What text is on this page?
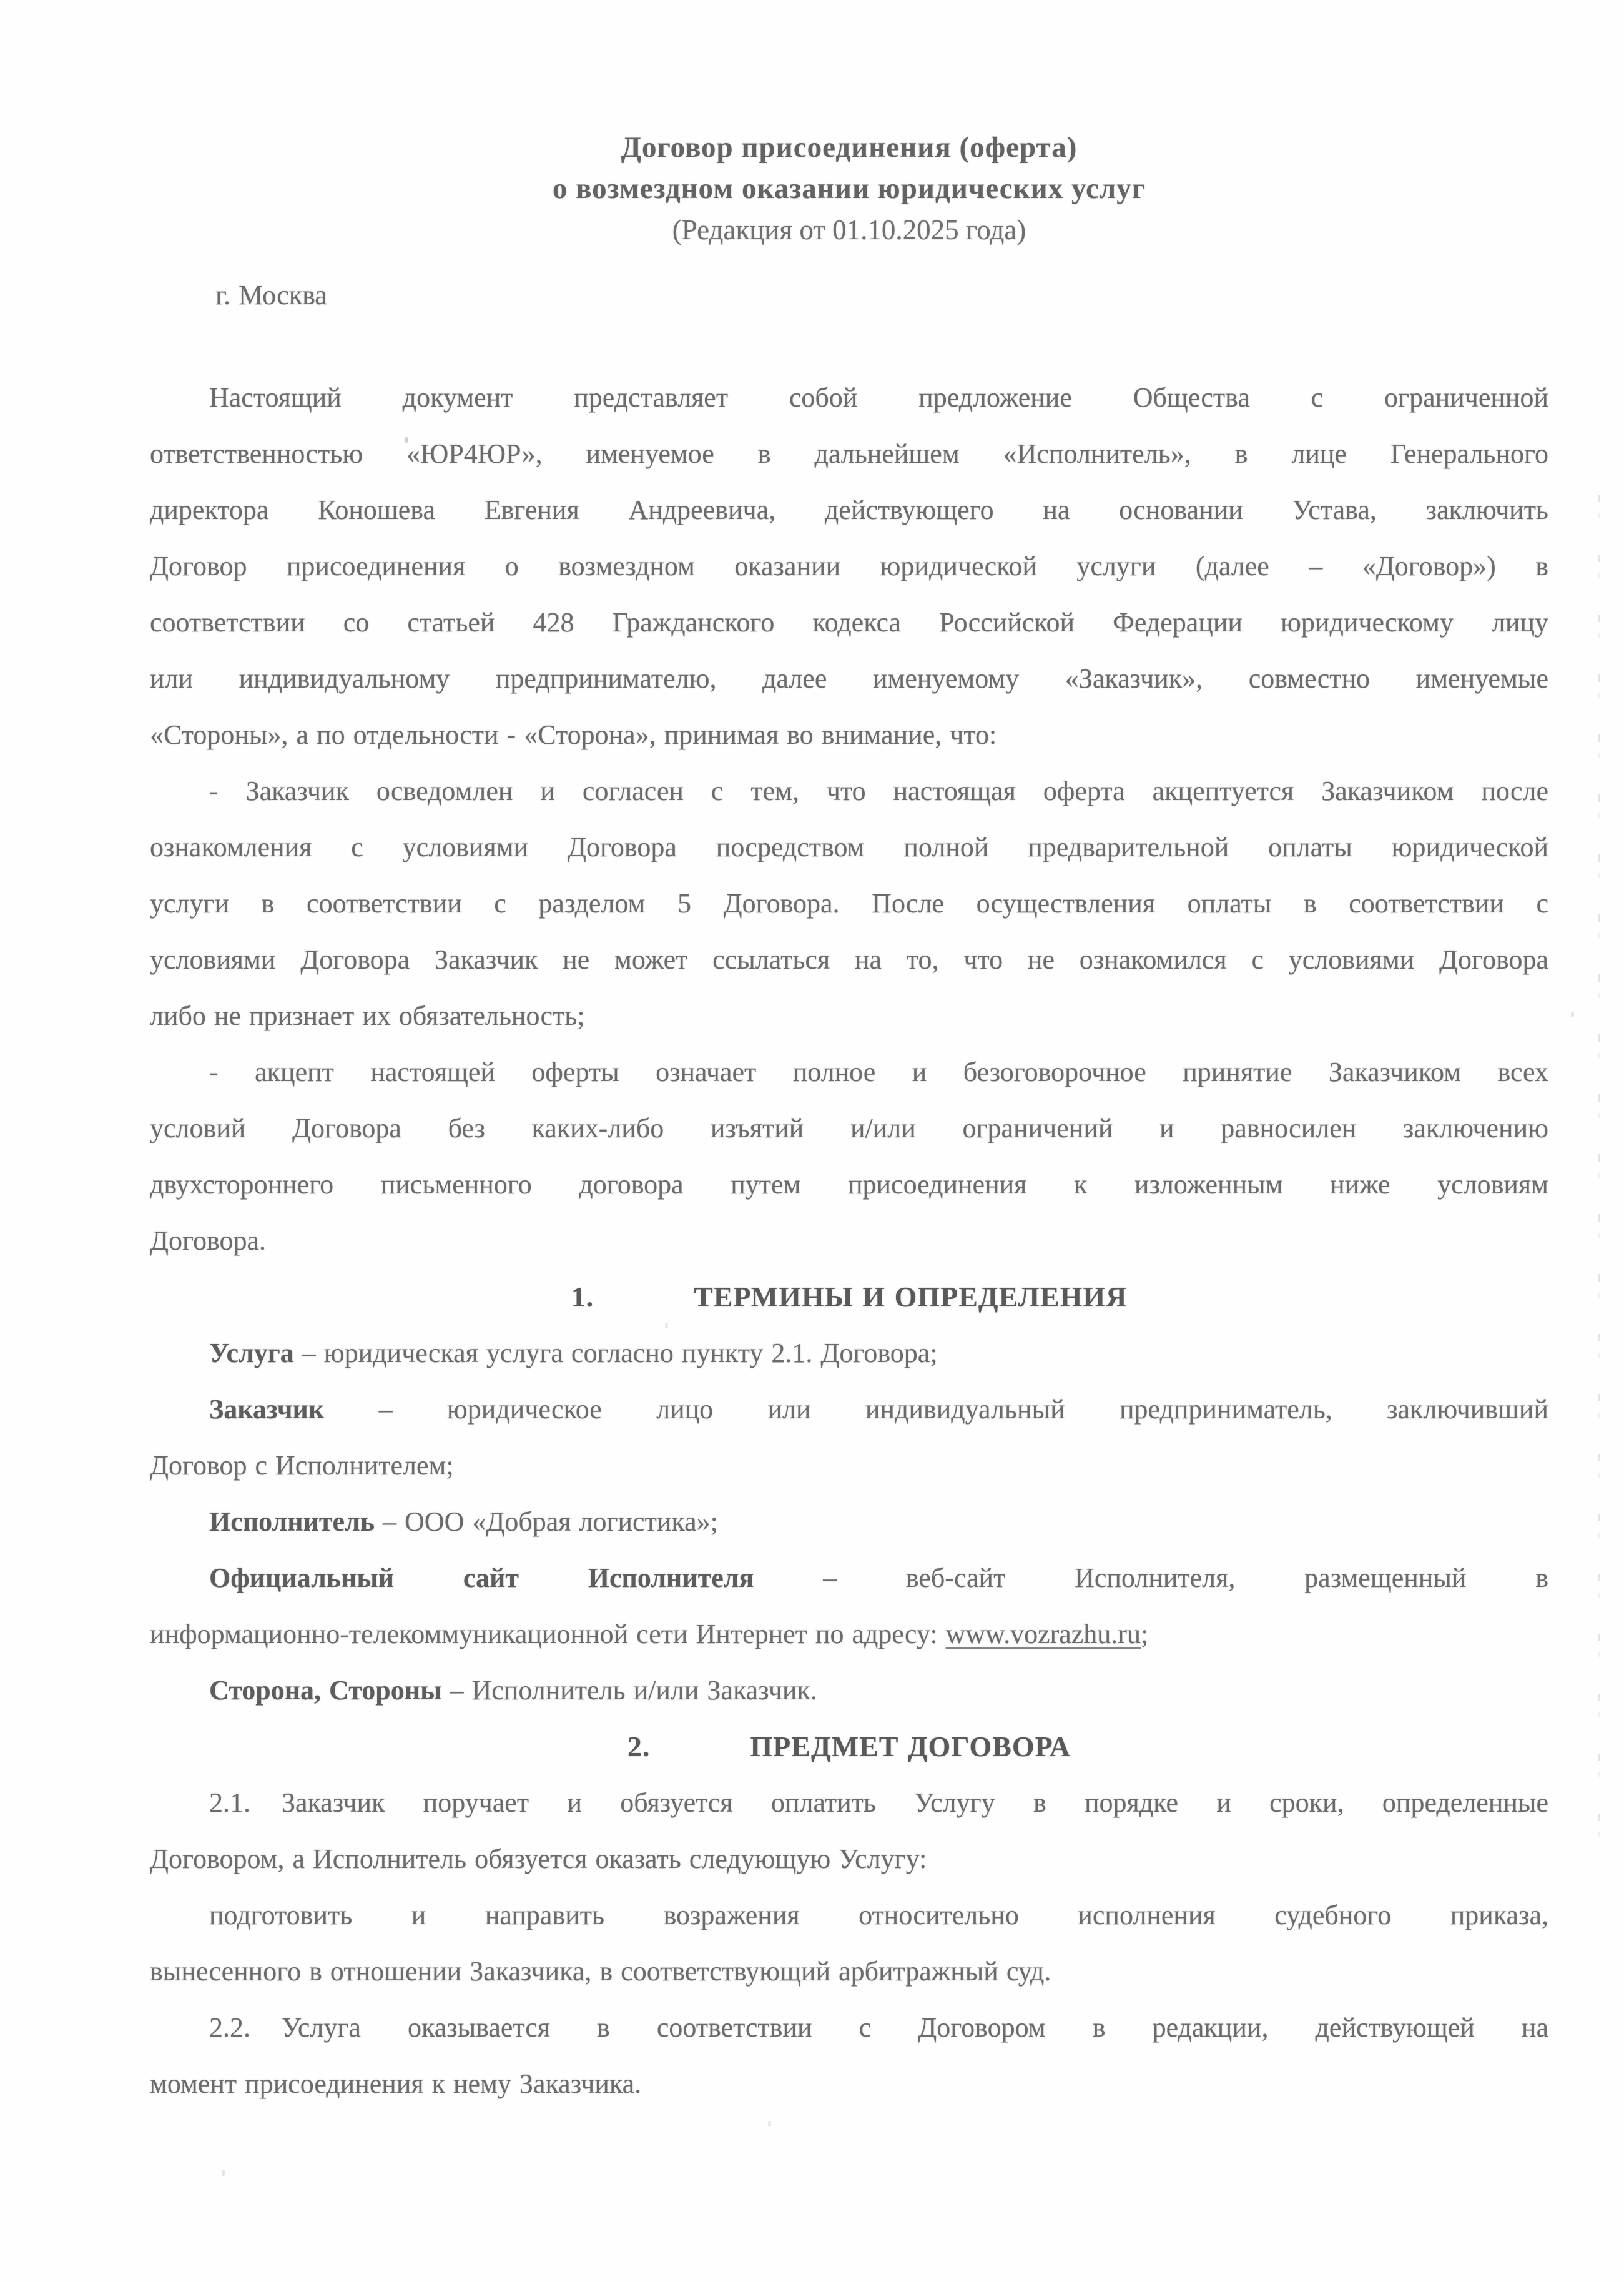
Договор присоединения (оферта)
о возмездном оказании юридических услуг
(Редакция от 01.10.2025 года)
г. Москва
Настоящий документ представляет собой предложение Общества с ограниченной
ответственностью «ЮР4ЮР», именуемое в дальнейшем «Исполнитель», в лице Генерального
директора Коношева Евгения Андреевича, действующего на основании Устава, заключить
Договор присоединения о возмездном оказании юридической услуги (далее – «Договор») в
соответствии со статьей 428 Гражданского кодекса Российской Федерации юридическому лицу
или индивидуальному предпринимателю, далее именуемому «Заказчик», совместно именуемые
«Стороны», а по отдельности - «Сторона», принимая во внимание, что:
- Заказчик осведомлен и согласен с тем, что настоящая оферта акцептуется Заказчиком после
ознакомления с условиями Договора посредством полной предварительной оплаты юридической
услуги в соответствии с разделом 5 Договора. После осуществления оплаты в соответствии с
условиями Договора Заказчик не может ссылаться на то, что не ознакомился с условиями Договора
либо не признает их обязательность;
- акцепт настоящей оферты означает полное и безоговорочное принятие Заказчиком всех
условий Договора без каких-либо изъятий и/или ограничений и равносилен заключению
двухстороннего письменного договора путем присоединения к изложенным ниже условиям
Договора.
1.	ТЕРМИНЫ И ОПРЕДЕЛЕНИЯ
Услуга – юридическая услуга согласно пункту 2.1. Договора;
Заказчик – юридическое лицо или индивидуальный предприниматель, заключивший
Договор с Исполнителем;
Исполнитель – ООО «Добрая логистика»;
Официальный сайт Исполнителя – веб-сайт Исполнителя, размещенный в
информационно-телекоммуникационной сети Интернет по адресу: www.vozrazhu.ru;
Сторона, Стороны – Исполнитель и/или Заказчик.
2.	ПРЕДМЕТ ДОГОВОРА
2.1. Заказчик поручает и обязуется оплатить Услугу в порядке и сроки, определенные
Договором, а Исполнитель обязуется оказать следующую Услугу:
подготовить и направить возражения относительно исполнения судебного приказа,
вынесенного в отношении Заказчика, в соответствующий арбитражный суд.
2.2. Услуга оказывается в соответствии с Договором в редакции, действующей на
момент присоединения к нему Заказчика.
